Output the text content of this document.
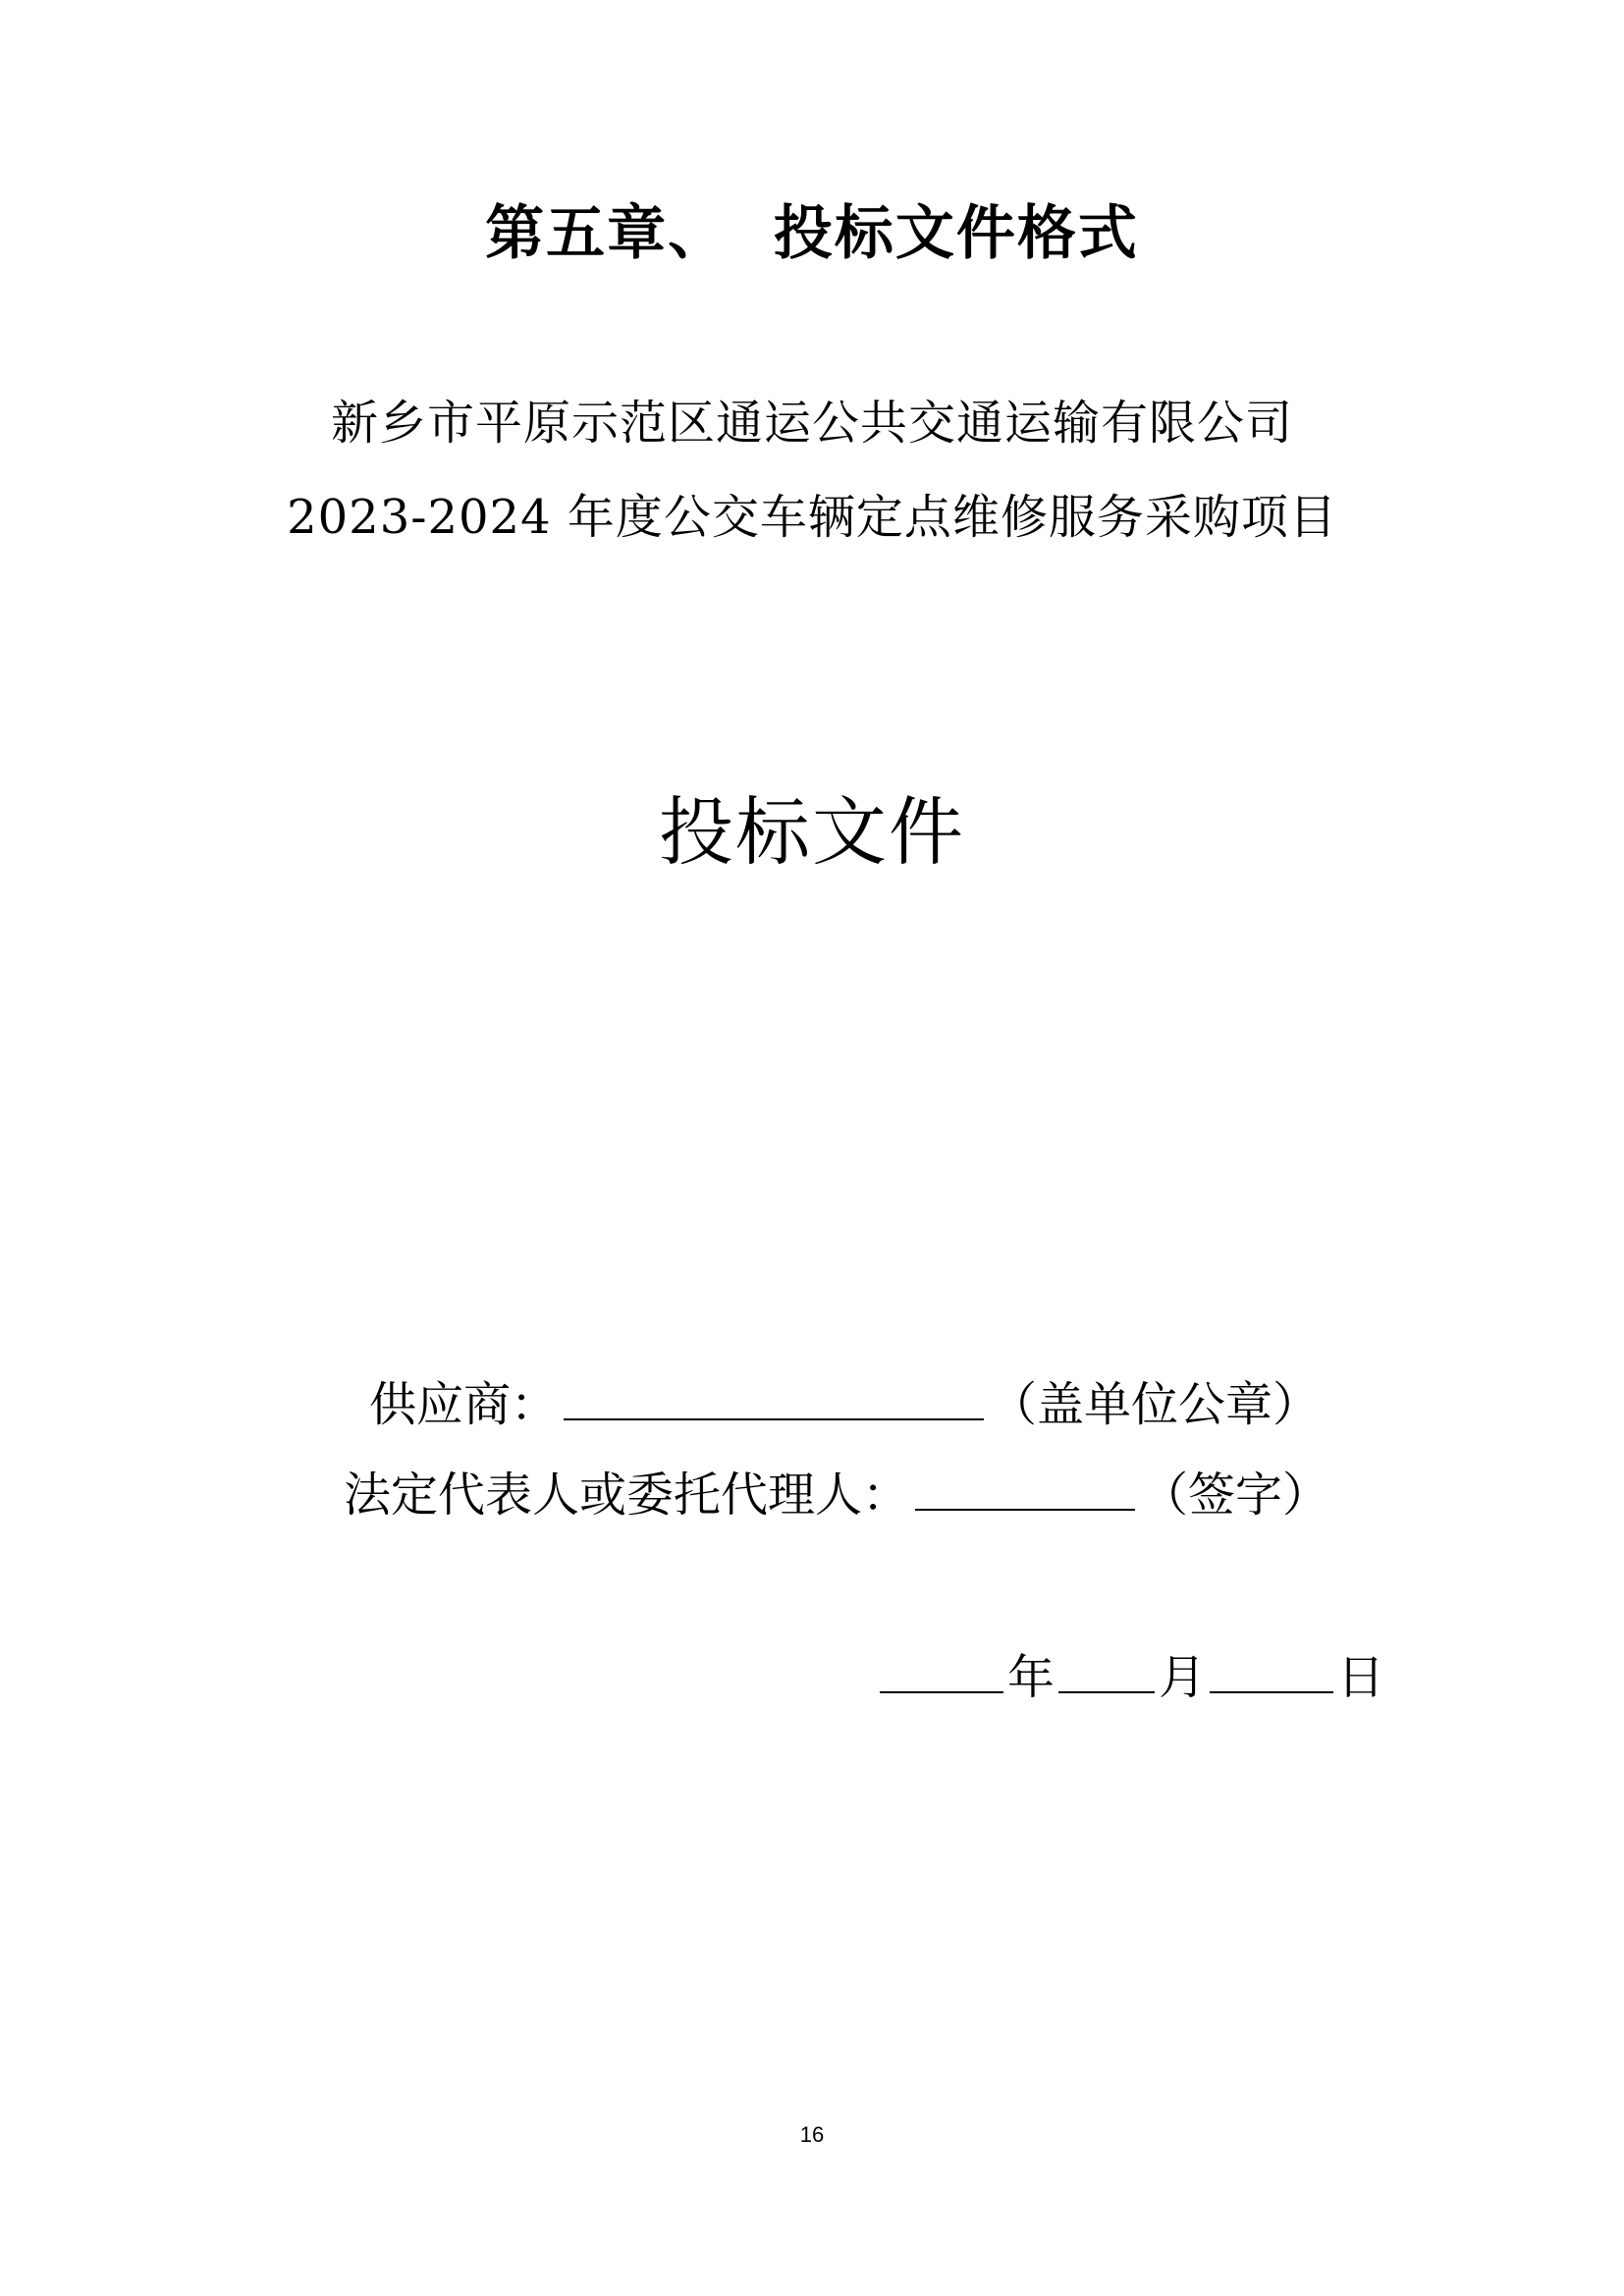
第五章、  投标文件格式
新乡市平原示范区通运公共交通运输有限公司
2023-2024 年度公交车辆定点维修服务采购项目
投标文件
供应商：	（盖单位公章）
法定代表人或委托代理人：	（签字）
年 月	日
16
